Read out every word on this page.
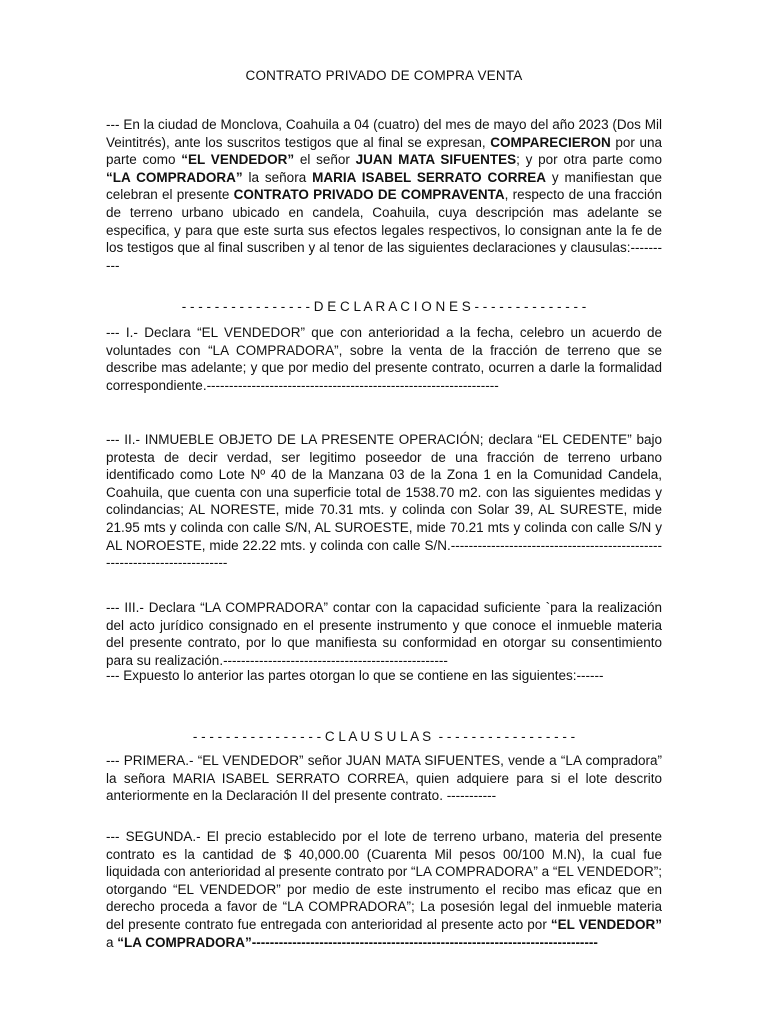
CONTRATO PRIVADO DE COMPRA VENTA
--- En la ciudad de Monclova, Coahuila a 04 (cuatro) del mes de mayo del año 2023 (Dos Mil Veintitrés), ante los suscritos testigos que al final se expresan, COMPARECIERON por una parte como “EL VENDEDOR” el señor JUAN MATA SIFUENTES; y por otra parte como “LA COMPRADORA” la señora MARIA ISABEL SERRATO CORREA y manifiestan que celebran el presente CONTRATO PRIVADO DE COMPRAVENTA, respecto de una fracción de terreno urbano ubicado en candela, Coahuila, cuya descripción mas adelante se especifica, y para que este surta sus efectos legales respectivos, lo consignan ante la fe de los testigos que al final suscriben y al tenor de las siguientes declaraciones y clausulas:----------
- - - - - - - - - - - - - - - - D E C L A R A C I O N E S - - - - - - - - - - - - - -
--- I.- Declara “EL VENDEDOR” que con anterioridad a la fecha, celebro un acuerdo de voluntades con “LA COMPRADORA”, sobre la venta de la fracción de terreno que se describe mas adelante; y que por medio del presente contrato, ocurren a darle la formalidad correspondiente.-----------------------------------------------------------------
--- II.- INMUEBLE OBJETO DE LA PRESENTE OPERACIÓN; declara “EL CEDENTE” bajo protesta de decir verdad, ser legitimo poseedor de una fracción de terreno urbano identificado como Lote Nº 40 de la Manzana 03 de la Zona 1 en la Comunidad Candela, Coahuila, que cuenta con una superficie total de 1538.70 m2. con las siguientes medidas y colindancias; AL NORESTE, mide 70.31 mts. y colinda con Solar 39, AL SURESTE, mide 21.95 mts y colinda con calle S/N, AL SUROESTE, mide 70.21 mts y colinda con calle S/N y AL NOROESTE, mide 22.22 mts. y colinda con calle S/N.--------------------------------------------------------------------------
--- III.- Declara “LA COMPRADORA” contar con la capacidad suficiente `para la realización del acto jurídico consignado en el presente instrumento y que conoce el inmueble materia del presente contrato, por lo que manifiesta su conformidad en otorgar su consentimiento para su realización.--------------------------------------------------
--- Expuesto lo anterior las partes otorgan lo que se contiene en las siguientes:------
- - - - - - - - - - - - - - - - C L A U S U L A S  - - - - - - - - - - - - - - - - -
--- PRIMERA.- “EL VENDEDOR” señor JUAN MATA SIFUENTES, vende a “LA compradora” la señora MARIA ISABEL SERRATO CORREA, quien adquiere para si el lote descrito anteriormente en la Declaración II del presente contrato. -----------
--- SEGUNDA.- El precio establecido por el lote de terreno urbano, materia del presente contrato es la cantidad de $ 40,000.00 (Cuarenta Mil pesos 00/100 M.N), la cual fue liquidada con anterioridad al presente contrato por “LA COMPRADORA” a “EL VENDEDOR”; otorgando “EL VENDEDOR” por medio de este instrumento el recibo mas eficaz que en derecho proceda a favor de “LA COMPRADORA”; La posesión legal del inmueble materia del presente contrato fue entregada con anterioridad al presente acto por “EL VENDEDOR” a “LA COMPRADORA”-----------------------------------------------------------------------------
